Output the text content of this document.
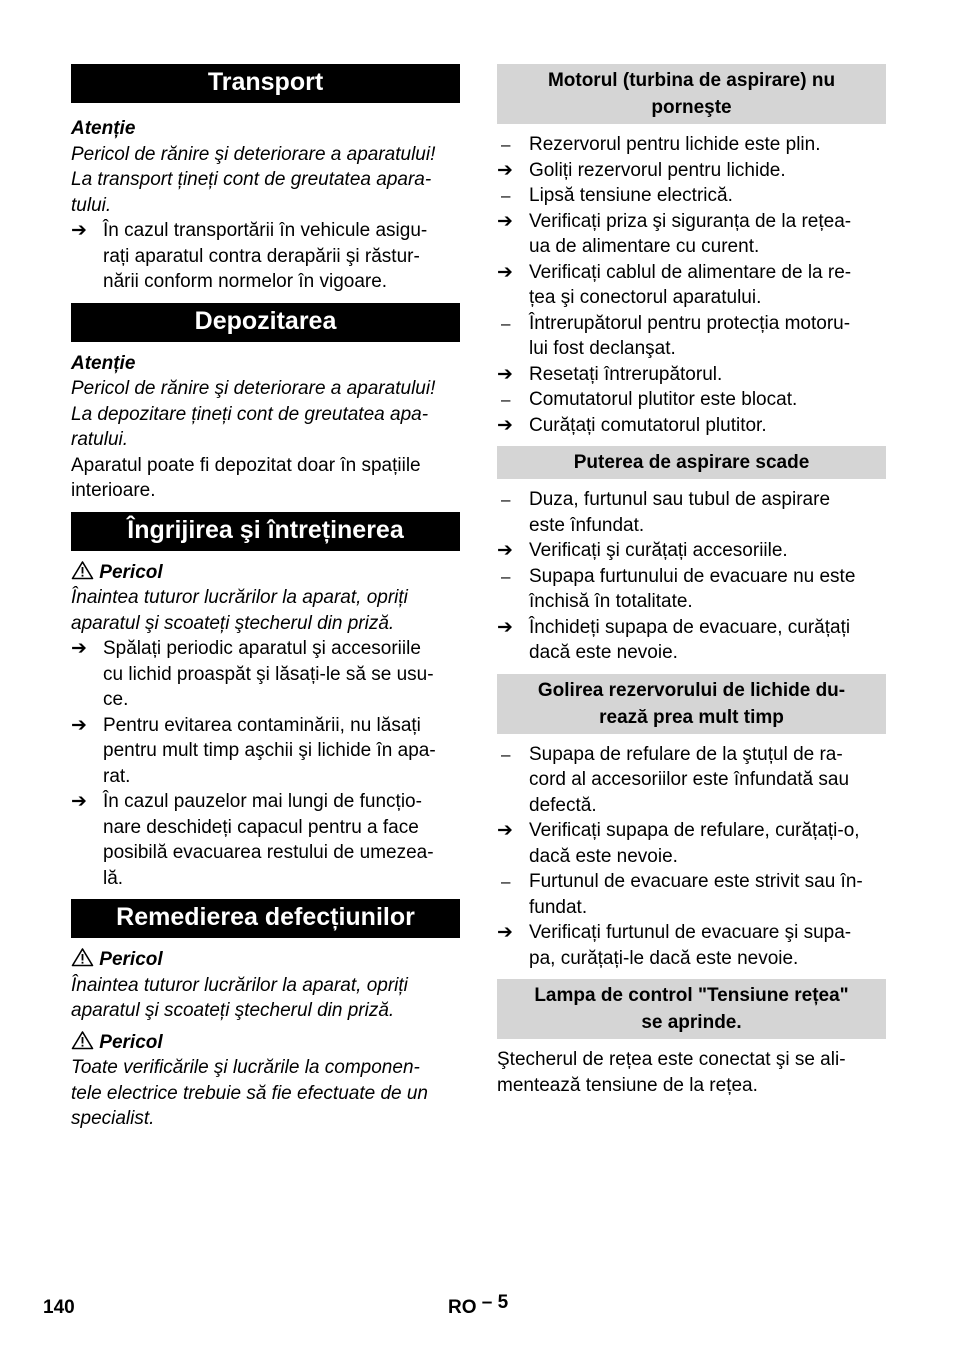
Transport
Atenție
Pericol de rănire şi deteriorare a aparatului!
La transport țineți cont de greutatea apara-
tului.
➔ În cazul transportării în vehicule asigu-
rați aparatul contra derapării şi răstur-
nării conform normelor în vigoare.
Depozitarea
Atenție
Pericol de rănire şi deteriorare a aparatului!
La depozitare țineți cont de greutatea apa-
ratului.
Aparatul poate fi depozitat doar în spațiile
interioare.
Îngrijirea şi întreținerea
Pericol
Înaintea tuturor lucrărilor la aparat, opriți
aparatul şi scoateți ştecherul din priză.
➔ Spălați periodic aparatul şi accesoriile
cu lichid proaspăt şi lăsați-le să se usu-
ce.
➔ Pentru evitarea contaminării, nu lăsați
pentru mult timp aşchii şi lichide în apa-
rat.
➔ În cazul pauzelor mai lungi de funcțio-
nare deschideți capacul pentru a face
posibilă evacuarea restului de umezea-
lă.
Remedierea defecțiunilor
Pericol
Înaintea tuturor lucrărilor la aparat, opriți
aparatul şi scoateți ştecherul din priză.
Pericol
Toate verificările şi lucrările la componen-
tele electrice trebuie să fie efectuate de un
specialist.
Motorul (turbina de aspirare) nu
porneşte
– Rezervorul pentru lichide este plin.
➔ Goliți rezervorul pentru lichide.
– Lipsă tensiune electrică.
➔ Verificați priza şi siguranța de la rețea-
ua de alimentare cu curent.
➔ Verificați cablul de alimentare de la re-
țea şi conectorul aparatului.
– Întrerupătorul pentru protecția motoru-
lui fost declanşat.
➔ Resetați întrerupătorul.
– Comutatorul plutitor este blocat.
➔ Curățați comutatorul plutitor.
Puterea de aspirare scade
– Duza, furtunul sau tubul de aspirare
este înfundat.
➔ Verificați şi curățați accesoriile.
– Supapa furtunului de evacuare nu este
închisă în totalitate.
➔ Închideți supapa de evacuare, curățați
dacă este nevoie.
Golirea rezervorului de lichide du-
rează prea mult timp
– Supapa de refulare de la ştuțul de ra-
cord al accesoriilor este înfundată sau
defectă.
➔ Verificați supapa de refulare, curățați-o,
dacă este nevoie.
– Furtunul de evacuare este strivit sau în-
fundat.
➔ Verificați furtunul de evacuare şi supa-
pa, curățați-le dacă este nevoie.
Lampa de control "Tensiune rețea"
se aprinde.
Ştecherul de rețea este conectat şi se ali-
mentează tensiune de la rețea.
140	RO – 5
